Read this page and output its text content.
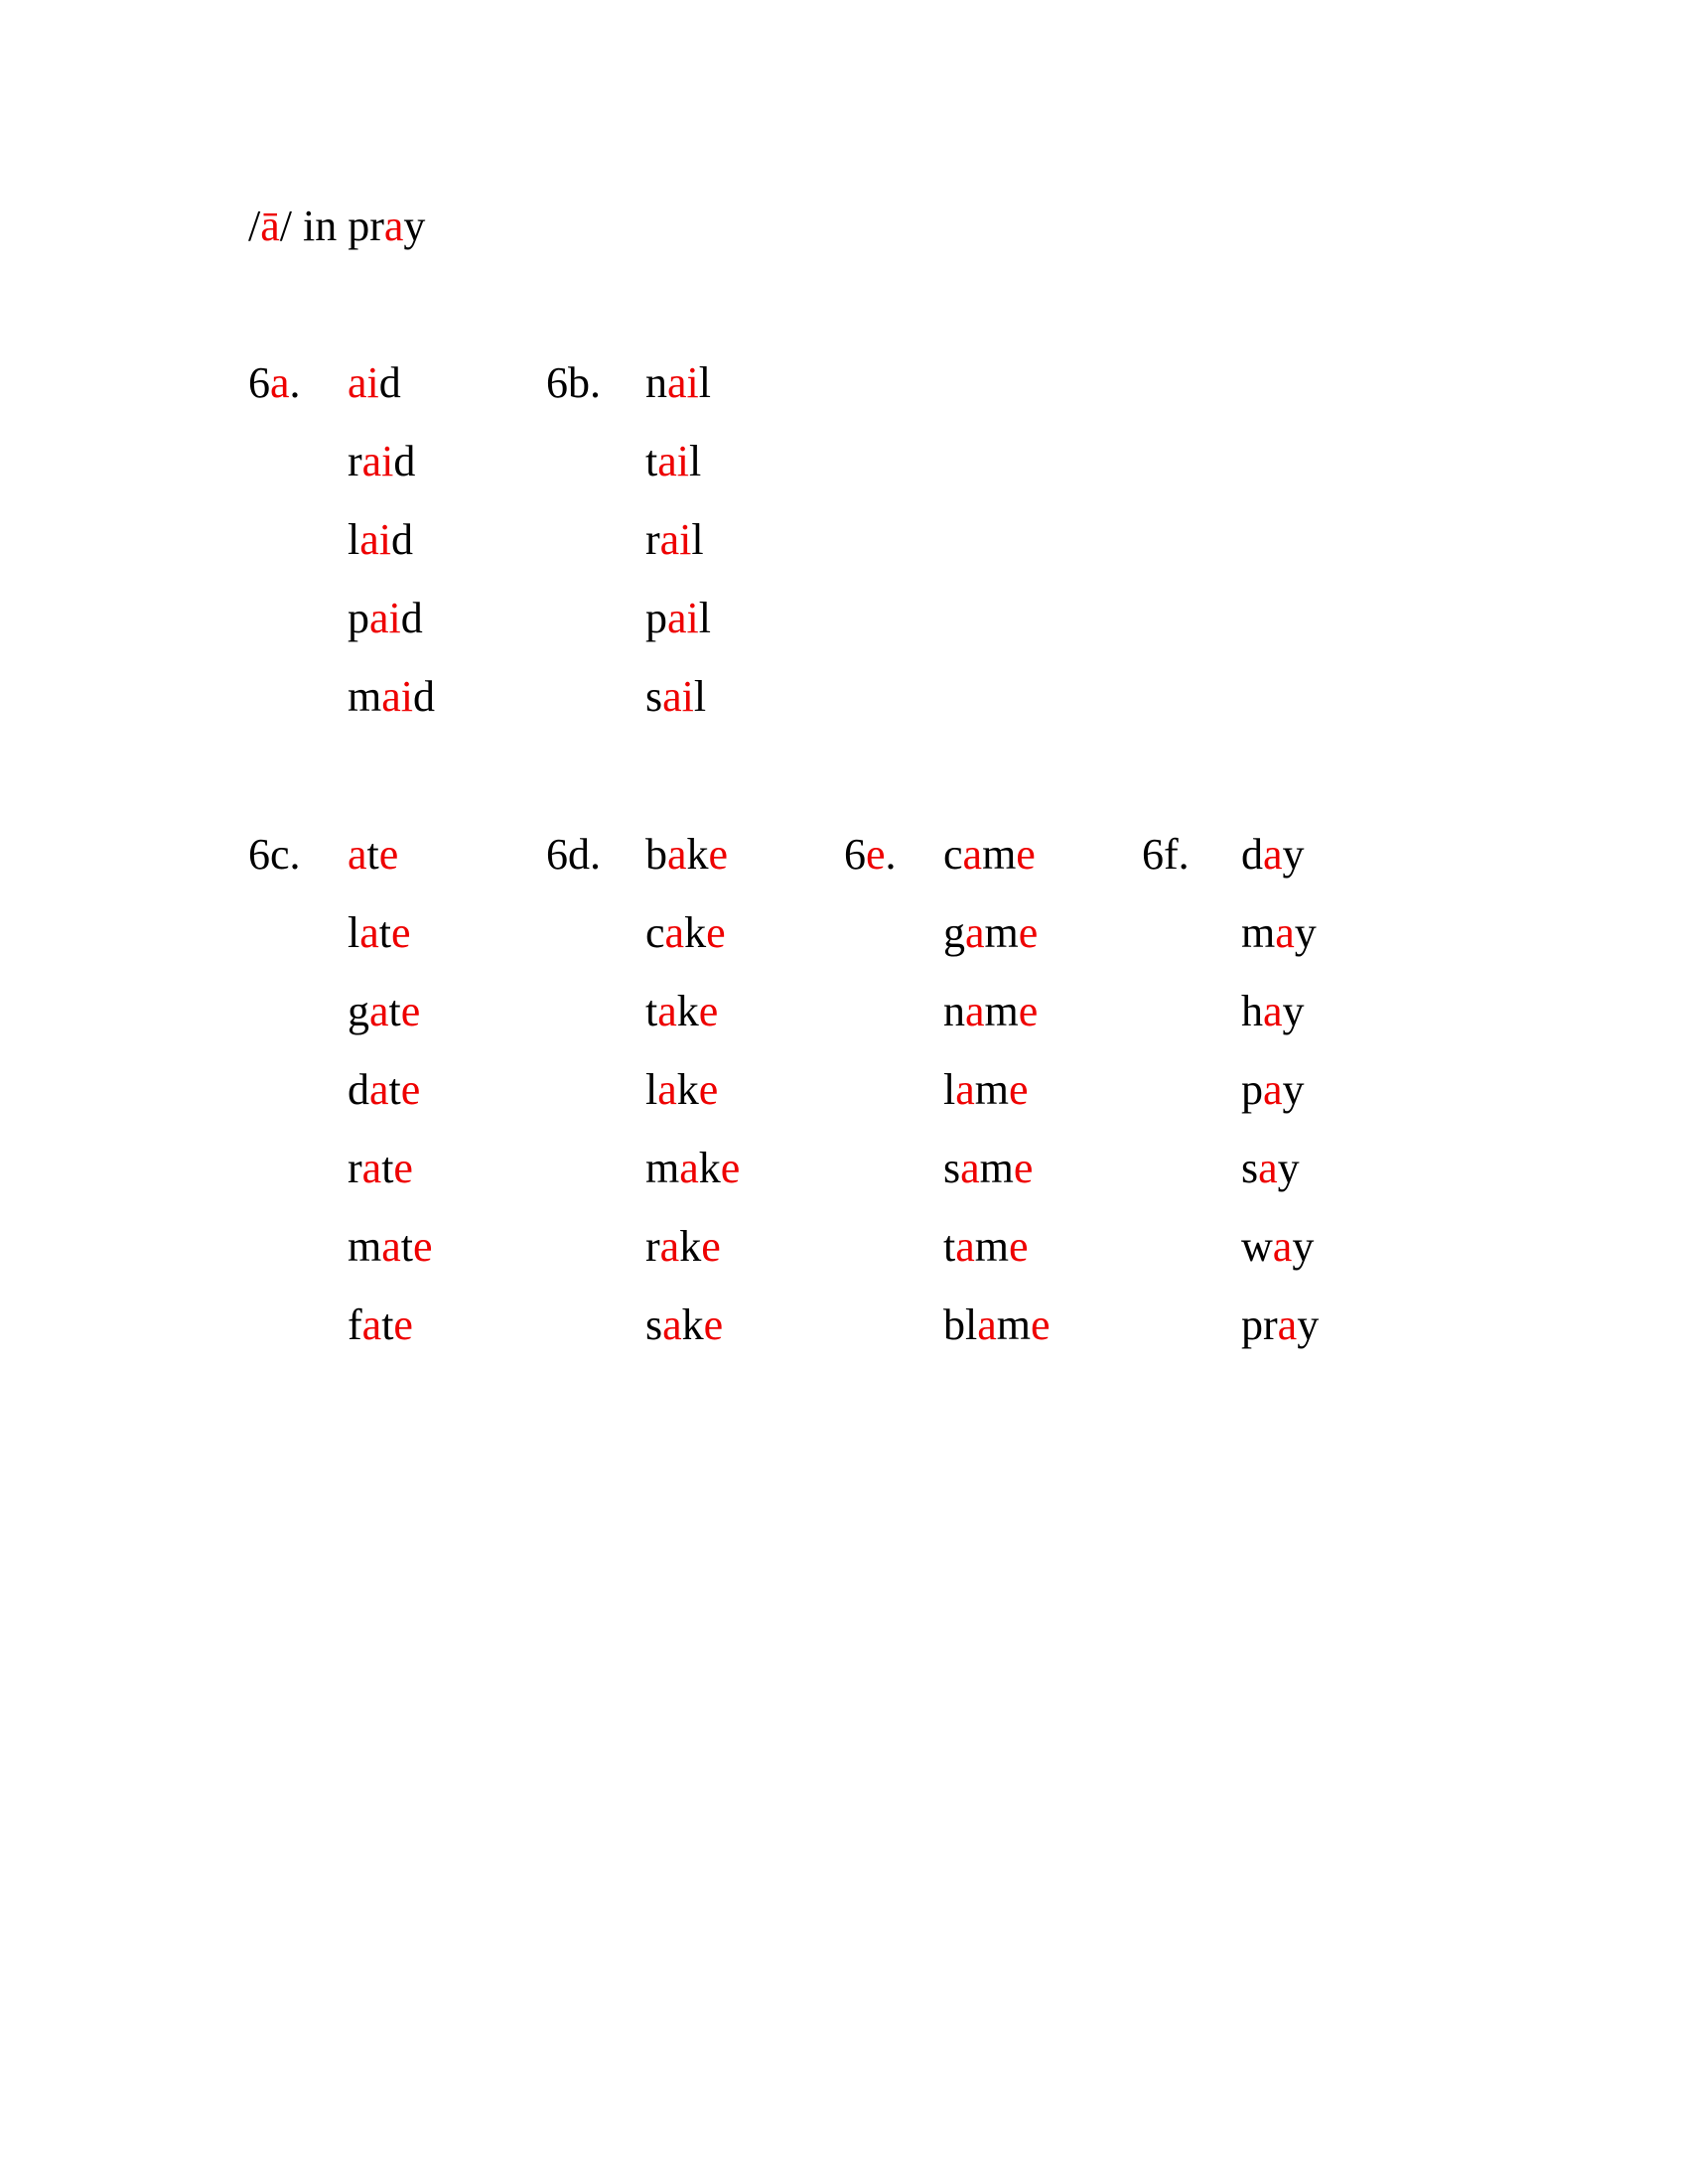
/ā/ in pray
6a. aid
raid
laid
paid
maid
6b. nail
tail
rail
pail
sail
6c. ate
late
gate
date
rate
mate
fate
6d. bake
cake
take
lake
make
rake
sake
6e. came
game
name
lame
same
tame
blame
6f. day
may
hay
pay
say
way
pray
